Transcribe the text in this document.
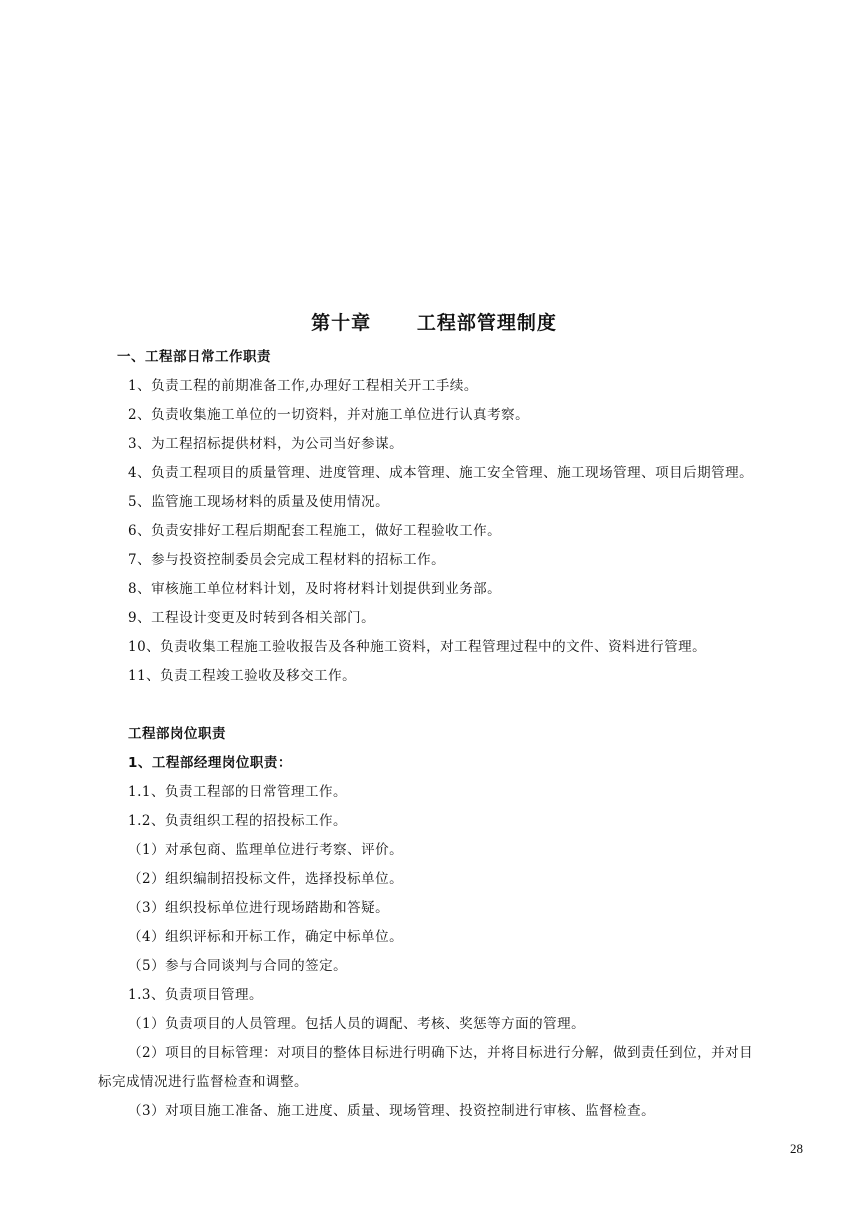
第十章 工程部管理制度
一、工程部日常工作职责
1、负责工程的前期准备工作,办理好工程相关开工手续。
2、负责收集施工单位的一切资料，并对施工单位进行认真考察。
3、为工程招标提供材料，为公司当好参谋。
4、负责工程项目的质量管理、进度管理、成本管理、施工安全管理、施工现场管理、项目后期管理。
5、监管施工现场材料的质量及使用情况。
6、负责安排好工程后期配套工程施工，做好工程验收工作。
7、参与投资控制委员会完成工程材料的招标工作。
8、审核施工单位材料计划，及时将材料计划提供到业务部。
9、工程设计变更及时转到各相关部门。
10、负责收集工程施工验收报告及各种施工资料，对工程管理过程中的文件、资料进行管理。
11、负责工程竣工验收及移交工作。
工程部岗位职责
1、工程部经理岗位职责：
1.1、负责工程部的日常管理工作。
1.2、负责组织工程的招投标工作。
（1）对承包商、监理单位进行考察、评价。
（2）组织编制招投标文件，选择投标单位。
（3）组织投标单位进行现场踏勘和答疑。
（4）组织评标和开标工作，确定中标单位。
（5）参与合同谈判与合同的签定。
1.3、负责项目管理。
（1）负责项目的人员管理。包括人员的调配、考核、奖惩等方面的管理。
（2）项目的目标管理：对项目的整体目标进行明确下达，并将目标进行分解，做到责任到位，并对目
标完成情况进行监督检查和调整。
（3）对项目施工准备、施工进度、质量、现场管理、投资控制进行审核、监督检查。
28
